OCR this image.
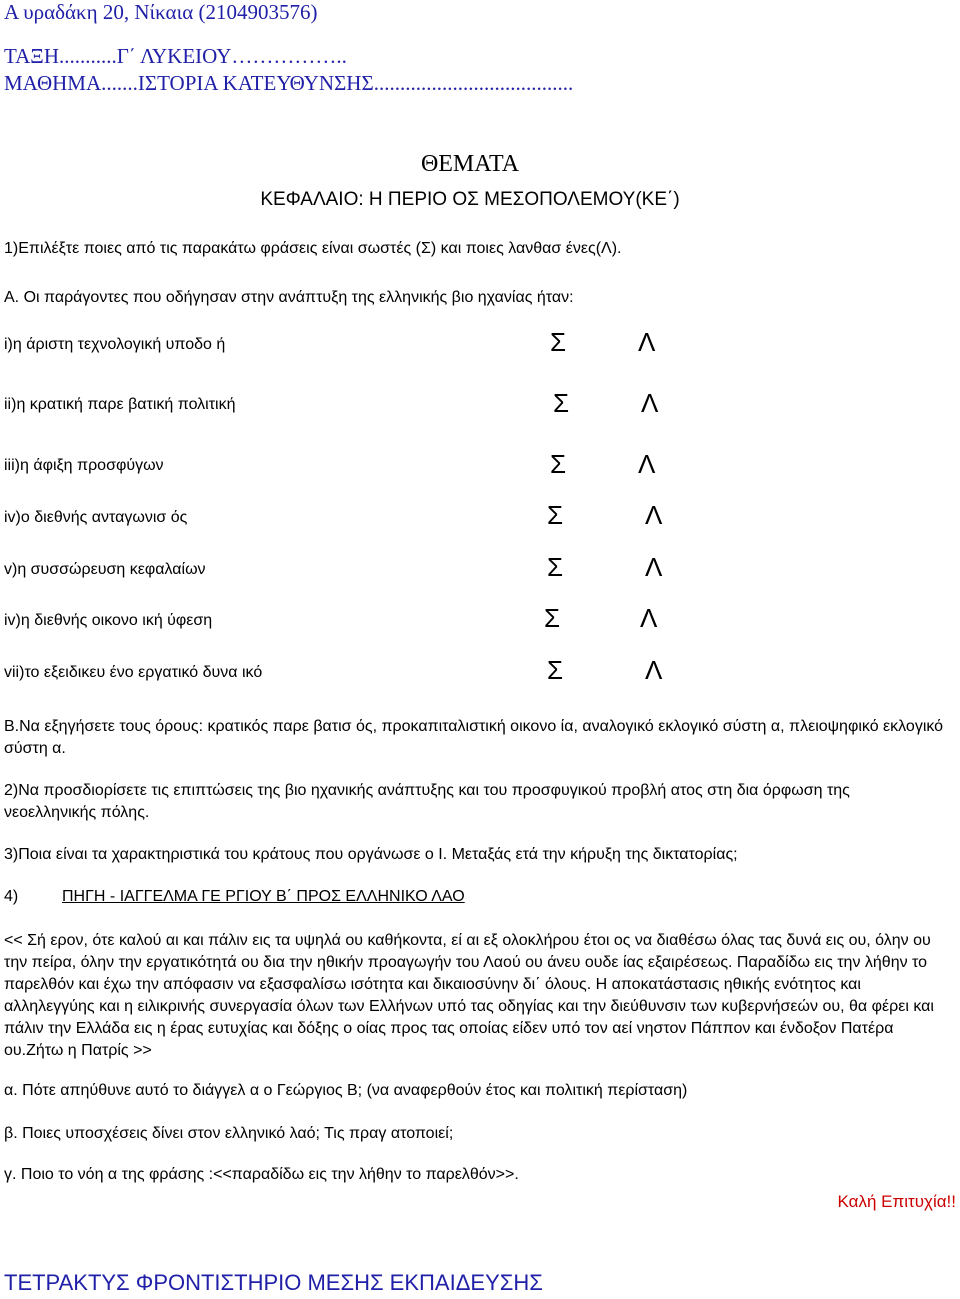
Α υραδάκη 20, Νίκαια (2104903576)
ΤΑΞΗ...........Γ΄ ΛΥΚΕΙΟΥ……………..
ΜΑΘΗΜΑ.......ΙΣΤΟΡΙΑ ΚΑΤΕΥΘΥΝΣΗΣ......................................
ΘΕΜΑΤΑ
ΚΕΦΑΛΑΙΟ: Η ΠΕΡΙΟ ΟΣ ΜΕΣΟΠΟΛΕΜΟΥ(ΚΕ΄)
1)Επιλέξτε ποιες από τις παρακάτω φράσεις είναι σωστές (Σ) και ποιες λανθασ ένες(Λ).
Α. Οι παράγοντες που οδήγησαν στην ανάπτυξη της ελληνικής βιο ηχανίας ήταν:
i)η άριστη τεχνολογική υποδο ή	Σ	Λ
ii)η κρατική παρε βατική πολιτική	Σ	Λ
iii)η άφιξη προσφύγων	Σ	Λ
iv)ο διεθνής ανταγωνισ ός	Σ	Λ
v)η συσσώρευση κεφαλαίων	Σ	Λ
iv)η διεθνής οικονο ική ύφεση	Σ	Λ
vii)το εξειδικευ ένο εργατικό δυνα ικό	Σ	Λ
Β.Να εξηγήσετε τους όρους: κρατικός παρε βατισ ός, προκαπιταλιστική οικονο ία, αναλογικό εκλογικό σύστη α, πλειοψηφικό εκλογικό σύστη α.
2)Να προσδιορίσετε τις επιπτώσεις της βιο ηχανικής ανάπτυξης και του προσφυγικού προβλή ατος στη δια όρφωση της νεοελληνικής πόλης.
3)Ποια είναι τα χαρακτηριστικά του κράτους που οργάνωσε ο Ι. Μεταξάς ετά την κήρυξη της δικτατορίας;
4)	ΠΗΓΗ - ΙΑΓΓΕΛΜΑ ΓΕ ΡΓΙΟΥ Β΄ ΠΡΟΣ ΕΛΛΗΝΙΚΟ ΛΑΟ
<< Σή ερον, ότε καλού αι και πάλιν εις τα υψηλά ου καθήκοντα, εί αι εξ ολοκλήρου έτοι ος να διαθέσω όλας τας δυνά εις ου, όλην ου την πείρα, όλην την εργατικότητά ου δια την ηθικήν προαγωγήν του Λαού ου άνευ ουδε ίας εξαιρέσεως. Παραδίδω εις την λήθην το παρελθόν και έχω την απόφασιν να εξασφαλίσω ισότητα και δικαιοσύνην δι΄ όλους. Η αποκατάστασις ηθικής ενότητος και αλληλεγγύης και η ειλικρινής συνεργασία όλων των Ελλήνων υπό τας οδηγίας και την διεύθυνσιν των κυβερνήσεών ου, θα φέρει και πάλιν την Ελλάδα εις η έρας ευτυχίας και δόξης ο οίας προς τας οποίας είδεν υπό τον αεί νηστον Πάππον και ένδοξον Πατέρα ου.Ζήτω η Πατρίς >>
α. Πότε απηύθυνε αυτό το διάγγελ α ο Γεώργιος Β; (να αναφερθούν έτος και πολιτική περίσταση)
β. Ποιες υποσχέσεις δίνει στον ελληνικό λαό; Τις πραγ ατοποιεί;
γ. Ποιο το νόη α της φράσης :<<παραδίδω εις την λήθην το παρελθόν>>.
Καλή Επιτυχία!!
ΤΕΤΡΑΚΤΥΣ ΦΡΟΝΤΙΣΤΗΡΙΟ ΜΕΣΗΣ ΕΚΠΑΙΔΕΥΣΗΣ
